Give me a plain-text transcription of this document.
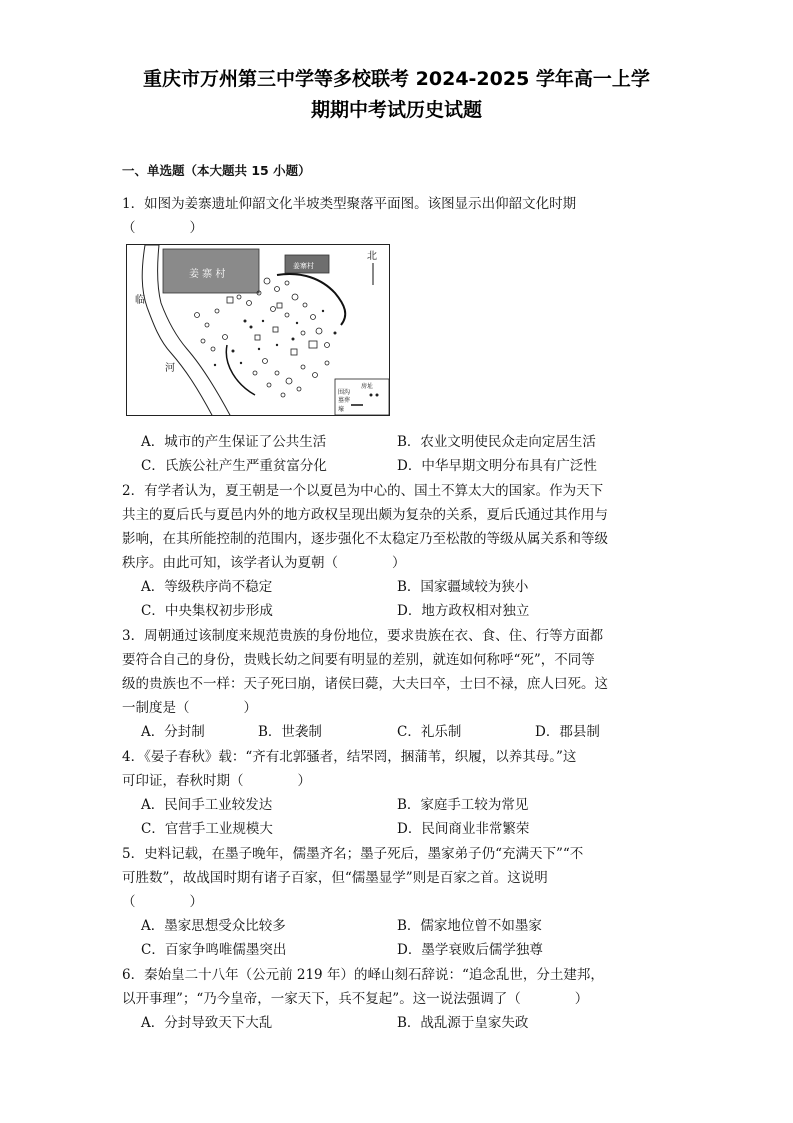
重庆市万州第三中学等多校联考 2024-2025 学年高一上学
期期中考试历史试题
一、单选题（本大题共 15 小题）
1．如图为姜寨遗址仰韶文化半坡类型聚落平面图。该图显示出仰韶文化时期
（　　　　）
临
河
姜 寨 村
姜寨村
北
房址
围沟
墓葬
壕
A．城市的产生保证了公共生活	B．农业文明使民众走向定居生活
C．氏族公社产生严重贫富分化	D．中华早期文明分布具有广泛性
2．有学者认为，夏王朝是一个以夏邑为中心的、国土不算太大的国家。作为天下
共主的夏后氏与夏邑内外的地方政权呈现出颇为复杂的关系，夏后氏通过其作用与
影响，在其所能控制的范围内，逐步强化不太稳定乃至松散的等级从属关系和等级
秩序。由此可知，该学者认为夏朝（　　　　）
A．等级秩序尚不稳定	B．国家疆域较为狭小
C．中央集权初步形成	D．地方政权相对独立
3．周朝通过该制度来规范贵族的身份地位，要求贵族在衣、食、住、行等方面都
要符合自己的身份，贵贱长幼之间要有明显的差别，就连如何称呼“死”，不同等
级的贵族也不一样：天子死曰崩，诸侯曰薨，大夫曰卒，士曰不禄，庶人曰死。这
一制度是（　　　　）
A．分封制	B．世袭制	C．礼乐制	D．郡县制
4．《晏子春秋》载：“齐有北郭骚者，结罘罔，捆蒲苇，织履，以养其母。”这
可印证，春秋时期（　　　　）
A．民间手工业较发达	B．家庭手工较为常见
C．官营手工业规模大	D．民间商业非常繁荣
5．史料记载，在墨子晚年，儒墨齐名；墨子死后，墨家弟子仍“充满天下”“不
可胜数”，故战国时期有诸子百家，但“儒墨显学”则是百家之首。这说明
（　　　　）
A．墨家思想受众比较多	B．儒家地位曾不如墨家
C．百家争鸣唯儒墨突出	D．墨学衰败后儒学独尊
6．秦始皇二十八年（公元前 219 年）的峄山刻石辞说：“追念乱世，分土建邦，
以开事理”；“乃今皇帝，一家天下，兵不复起”。这一说法强调了（　　　　）
A．分封导致天下大乱	B．战乱源于皇家失政
